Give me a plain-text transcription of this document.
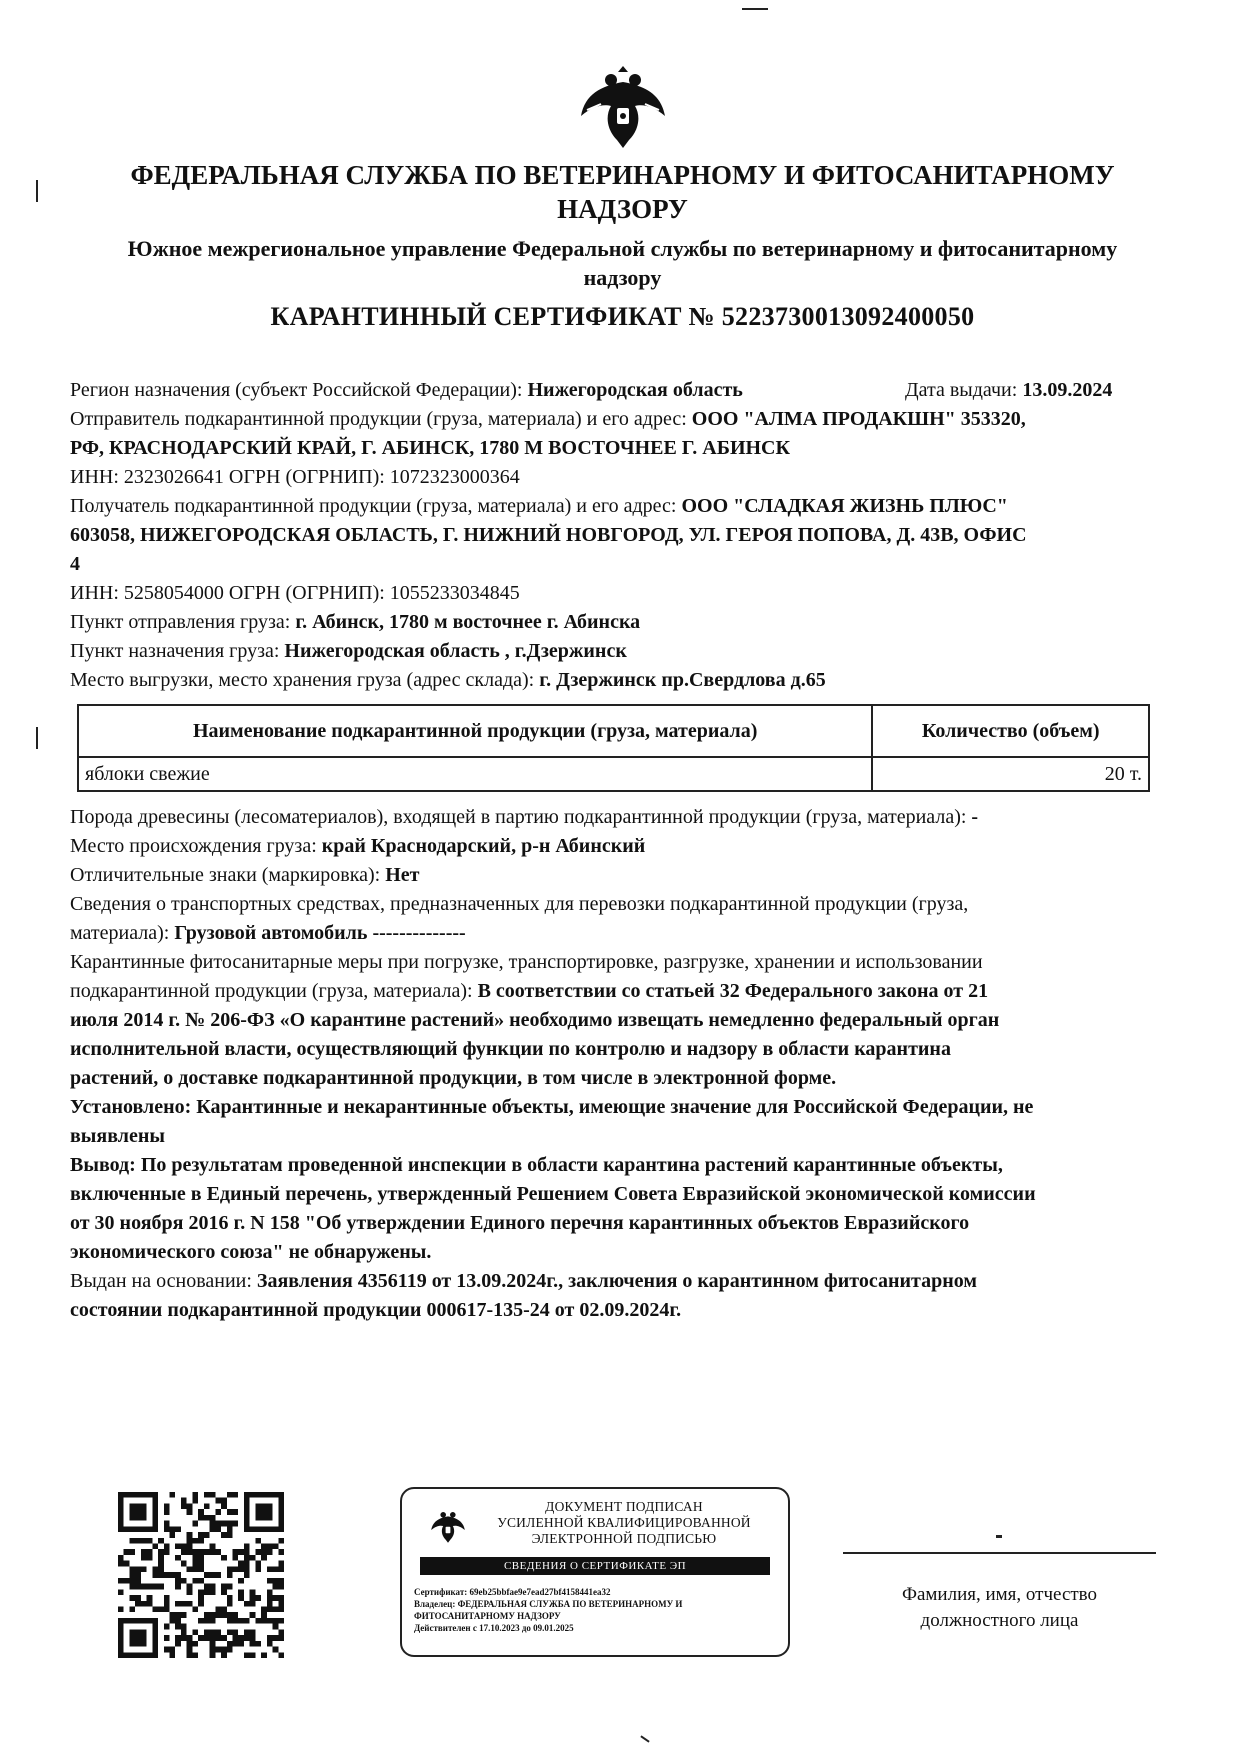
ФЕДЕРАЛЬНАЯ СЛУЖБА ПО ВЕТЕРИНАРНОМУ И ФИТОСАНИТАРНОМУ НАДЗОРУ
Южное межрегиональное управление Федеральной службы по ветеринарному и фитосанитарному надзору
КАРАНТИННЫЙ СЕРТИФИКАТ № 5223730013092400050
Регион назначения (субъект Российской Федерации): Нижегородская область	Дата выдачи: 13.09.2024
Отправитель подкарантинной продукции (груза, материала) и его адрес: ООО "АЛМА ПРОДАКШН" 353320,
РФ, КРАСНОДАРСКИЙ КРАЙ, Г. АБИНСК, 1780 М ВОСТОЧНЕЕ Г. АБИНСК
ИНН: 2323026641 ОГРН (ОГРНИП): 1072323000364
Получатель подкарантинной продукции (груза, материала) и его адрес: ООО "СЛАДКАЯ ЖИЗНЬ ПЛЮС"
603058, НИЖЕГОРОДСКАЯ ОБЛАСТЬ, Г. НИЖНИЙ НОВГОРОД, УЛ. ГЕРОЯ ПОПОВА, Д. 43В, ОФИС
4
ИНН: 5258054000 ОГРН (ОГРНИП): 1055233034845
Пункт отправления груза: г. Абинск, 1780 м восточнее г. Абинска
Пункт назначения груза: Нижегородская область , г.Дзержинск
Место выгрузки, место хранения груза (адрес склада): г. Дзержинск пр.Свердлова д.65
Наименование подкарантинной продукции (груза, материала)	Количество (объем)
яблоки свежие	20 т.
Порода древесины (лесоматериалов), входящей в партию подкарантинной продукции (груза, материала): -
Место происхождения груза: край Краснодарский, р-н Абинский
Отличительные знаки (маркировка): Нет
Сведения о транспортных средствах, предназначенных для перевозки подкарантинной продукции (груза,
материала): Грузовой автомобиль --------------
Карантинные фитосанитарные меры при погрузке, транспортировке, разгрузке, хранении и использовании
подкарантинной продукции (груза, материала): В соответствии со статьей 32 Федерального закона от 21
июля 2014 г. № 206-ФЗ «О карантине растений» необходимо извещать немедленно федеральный орган
исполнительной власти, осуществляющий функции по контролю и надзору в области карантина
растений, о доставке подкарантинной продукции, в том числе в электронной форме.
Установлено: Карантинные и некарантинные объекты, имеющие значение для Российской Федерации, не
выявлены
Вывод: По результатам проведенной инспекции в области карантина растений карантинные объекты,
включенные в Единый перечень, утвержденный Решением Совета Евразийской экономической комиссии
от 30 ноября 2016 г. N 158 "Об утверждении Единого перечня карантинных объектов Евразийского
экономического союза" не обнаружены.
Выдан на основании: Заявления 4356119 от 13.09.2024г., заключения о карантинном фитосанитарном
состоянии подкарантинной продукции 000617-135-24 от 02.09.2024г.
ДОКУМЕНТ ПОДПИСАН
УСИЛЕННОЙ КВАЛИФИЦИРОВАННОЙ
ЭЛЕКТРОННОЙ ПОДПИСЬЮ
СВЕДЕНИЯ О СЕРТИФИКАТЕ ЭП
Сертификат: 69eb25bbfae9e7ead27bf4158441ea32
Владелец: ФЕДЕРАЛЬНАЯ СЛУЖБА ПО ВЕТЕРИНАРНОМУ И
ФИТОСАНИТАРНОМУ НАДЗОРУ
Действителен с 17.10.2023 до 09.01.2025
Фамилия, имя, отчество
должностного лица
